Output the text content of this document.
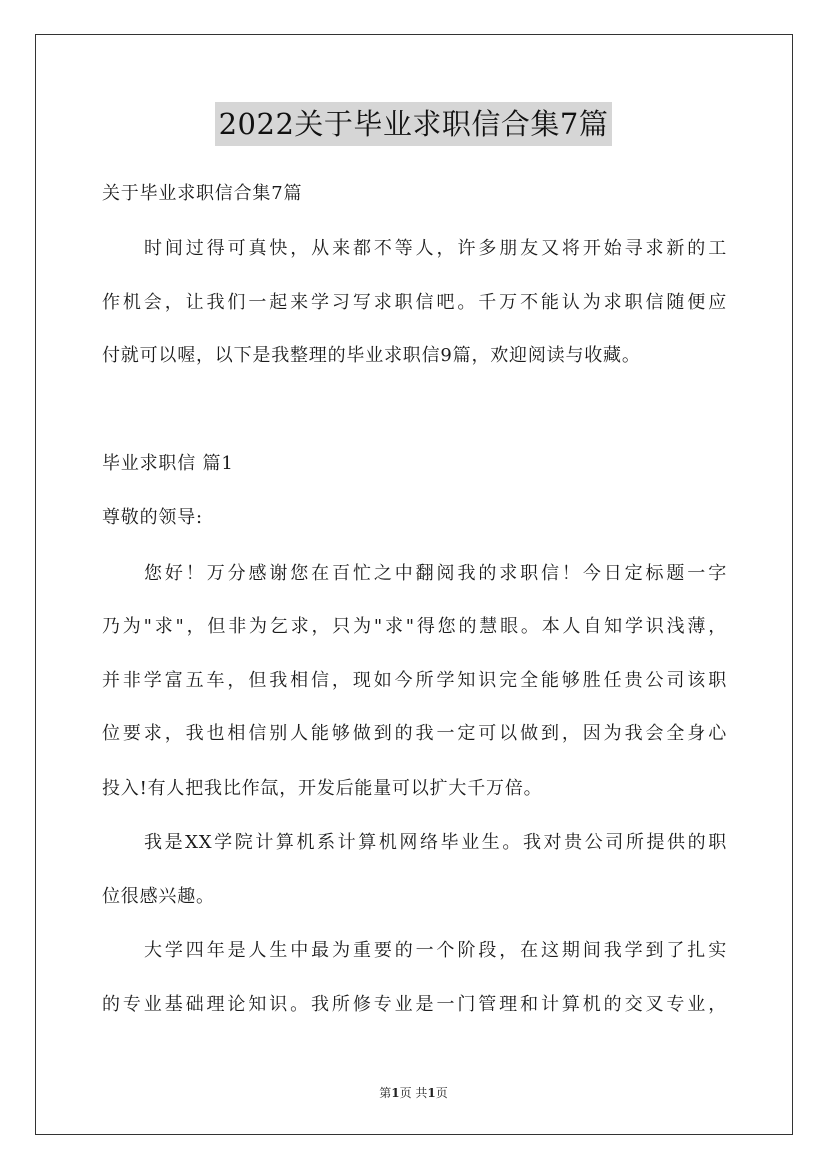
2022关于毕业求职信合集7篇
关于毕业求职信合集7篇
时间过得可真快，从来都不等人，许多朋友又将开始寻求新的工
作机会，让我们一起来学习写求职信吧。千万不能认为求职信随便应
付就可以喔，以下是我整理的毕业求职信9篇，欢迎阅读与收藏。
毕业求职信 篇1
尊敬的领导:
您好！万分感谢您在百忙之中翻阅我的求职信！今日定标题一字
乃为"求"，但非为乞求，只为"求"得您的慧眼。本人自知学识浅薄，
并非学富五车，但我相信，现如今所学知识完全能够胜任贵公司该职
位要求，我也相信别人能够做到的我一定可以做到，因为我会全身心
投入!有人把我比作氙，开发后能量可以扩大千万倍。
我是XX学院计算机系计算机网络毕业生。我对贵公司所提供的职
位很感兴趣。
大学四年是人生中最为重要的一个阶段，在这期间我学到了扎实
的专业基础理论知识。我所修专业是一门管理和计算机的交叉专业，
第1页 共1页
